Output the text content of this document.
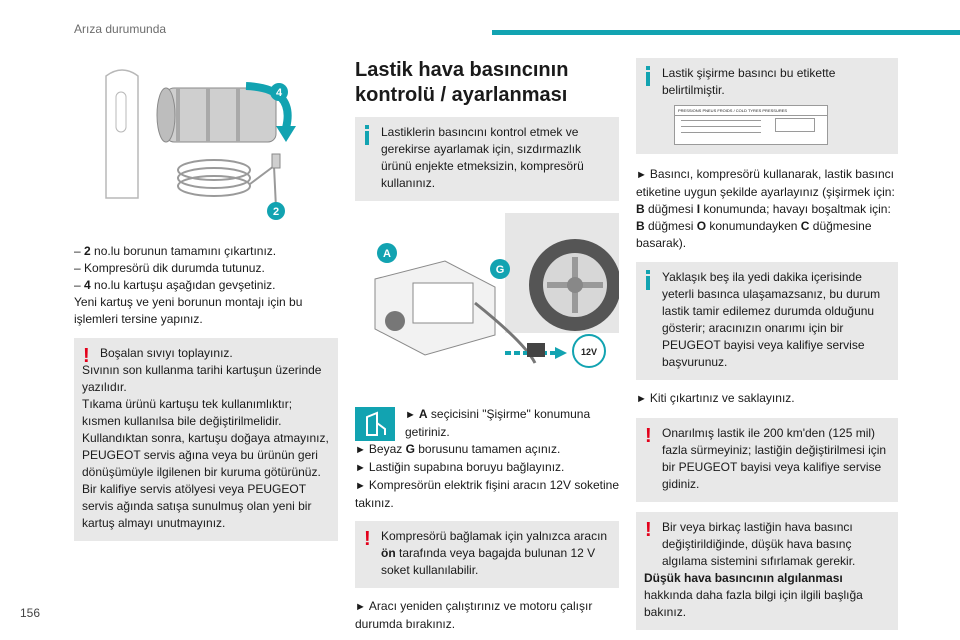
Arıza durumunda
4
2
– 2 no.lu borunun tamamını çıkartınız.
– Kompresörü dik durumda tutunuz.
– 4 no.lu kartuşu aşağıdan gevşetiniz.

Yeni kartuş ve yeni borunun montajı için bu işlemleri tersine yapınız.

! Boşalan sıvıyı toplayınız.

Sıvının son kullanma tarihi kartuşun üzerinde yazılıdır.

Tıkama ürünü kartuşu tek kullanımlıktır; kısmen kullanılsa bile değiştirilmelidir.

Kullandıktan sonra, kartuşu doğaya atmayınız, PEUGEOT servis ağına veya bu ürünün geri dönüşümüyle ilgilenen bir kuruma götürünüz.

Bir kalifiye servis atölyesi veya PEUGEOT servis ağında satışa sunulmuş olan yeni bir kartuş almayı unutmayınız.

Lastik hava basıncının kontrolü / ayarlanması

Lastiklerin basıncını kontrol etmek ve gerekirse ayarlamak için, sızdırmazlık ürünü enjekte etmeksizin, kompresörü kullanınız.

A
G
12V
► A seçicisini "Şişirme" konumuna getiriniz.
► Beyaz G borusunu tamamen açınız.
► Lastiğin supabına boruyu bağlayınız.
► Kompresörün elektrik fişini aracın 12V soketine takınız.
! Kompresörü bağlamak için yalnızca aracın ön tarafında veya bagajda bulunan 12 V soket kullanılabilir.

► Aracı yeniden çalıştırınız ve motoru çalışır durumda bırakınız.

Lastik şişirme basıncı bu etikette belirtilmiştir.

PRESSIONS PNEUS FROIDS / COLD TYRES PRESSURES

► Basıncı, kompresörü kullanarak, lastik basıncı etiketine uygun şekilde ayarlayınız (şişirmek için: B düğmesi I konumunda; havayı boşaltmak için: B düğmesi O konumundayken C düğmesine basarak).

Yaklaşık beş ila yedi dakika içerisinde yeterli basınca ulaşamazsanız, bu durum lastik tamir edilemez durumda olduğunu gösterir; aracınızın onarımı için bir PEUGEOT bayisi veya kalifiye servise başvurunuz.

► Kiti çıkartınız ve saklayınız.

! Onarılmış lastik ile 200 km'den (125 mil) fazla sürmeyiniz; lastiğin değiştirilmesi için bir PEUGEOT bayisi veya kalifiye servise gidiniz.

! Bir veya birkaç lastiğin hava basıncı değiştirildiğinde, düşük hava basınç algılama sistemini sıfırlamak gerekir.

Düşük hava basıncının algılanması

hakkında daha fazla bilgi için ilgili başlığa bakınız.

156
